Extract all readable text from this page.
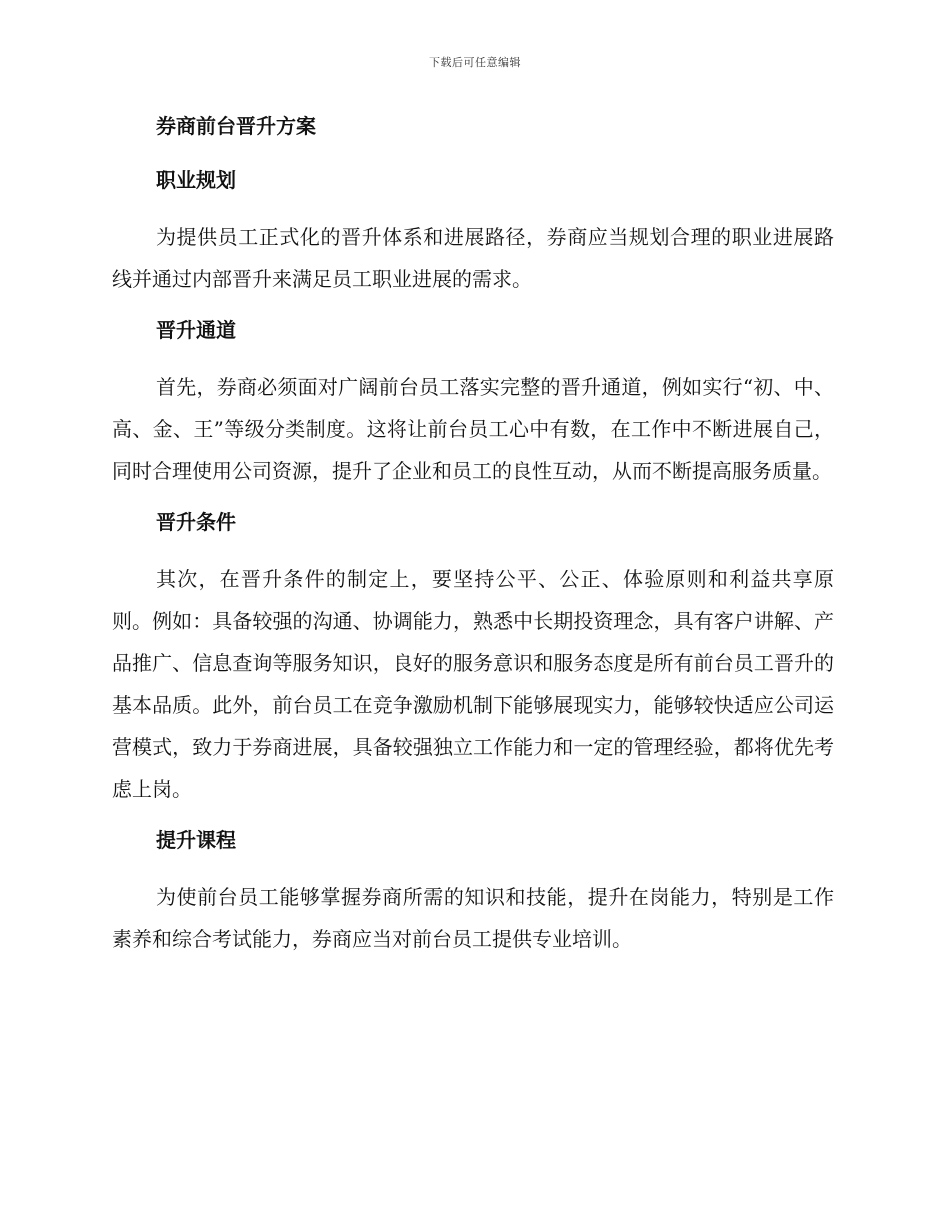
下载后可任意编辑
券商前台晋升方案
职业规划

为提供员工正式化的晋升体系和进展路径，券商应当规划合理的职业进展路线并通过内部晋升来满足员工职业进展的需求。

晋升通道

首先，券商必须面对广阔前台员工落实完整的晋升通道，例如实行“初、中、高、金、王”等级分类制度。这将让前台员工心中有数，在工作中不断进展自己，同时合理使用公司资源，提升了企业和员工的良性互动，从而不断提高服务质量。

晋升条件

其次，在晋升条件的制定上，要坚持公平、公正、体验原则和利益共享原则。例如：具备较强的沟通、协调能力，熟悉中长期投资理念，具有客户讲解、产品推广、信息查询等服务知识，良好的服务意识和服务态度是所有前台员工晋升的基本品质。此外，前台员工在竞争激励机制下能够展现实力，能够较快适应公司运营模式，致力于券商进展，具备较强独立工作能力和一定的管理经验，都将优先考虑上岗。

提升课程

为使前台员工能够掌握券商所需的知识和技能，提升在岗能力，特别是工作素养和综合考试能力，券商应当对前台员工提供专业培训。
